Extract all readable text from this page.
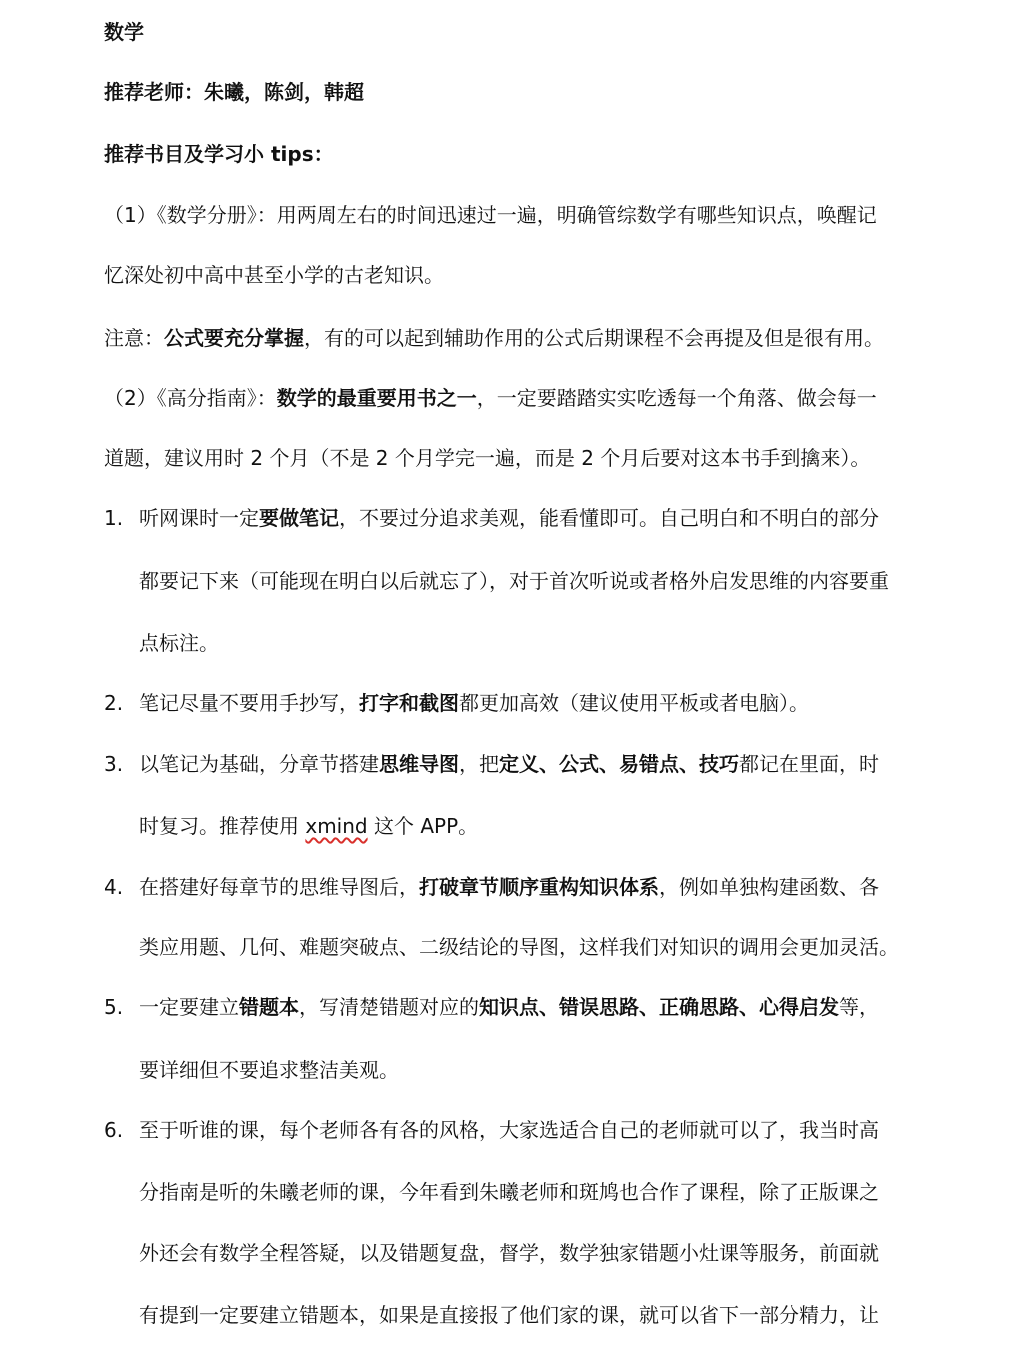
数学
推荐老师：朱曦，陈剑，韩超
推荐书目及学习小 tips：
（1）《数学分册》：用两周左右的时间迅速过一遍，明确管综数学有哪些知识点，唤醒记
忆深处初中高中甚至小学的古老知识。
注意：公式要充分掌握，有的可以起到辅助作用的公式后期课程不会再提及但是很有用。
（2）《高分指南》：数学的最重要用书之一，一定要踏踏实实吃透每一个角落、做会每一
道题，建议用时 2 个月（不是 2 个月学完一遍，而是 2 个月后要对这本书手到擒来）。
1. 听网课时一定要做笔记，不要过分追求美观，能看懂即可。自己明白和不明白的部分
都要记下来（可能现在明白以后就忘了），对于首次听说或者格外启发思维的内容要重
点标注。
2. 笔记尽量不要用手抄写，打字和截图都更加高效（建议使用平板或者电脑）。
3. 以笔记为基础，分章节搭建思维导图，把定义、公式、易错点、技巧都记在里面，时
时复习。推荐使用 xmind 这个 APP。
4. 在搭建好每章节的思维导图后，打破章节顺序重构知识体系，例如单独构建函数、各
类应用题、几何、难题突破点、二级结论的导图，这样我们对知识的调用会更加灵活。
5. 一定要建立错题本，写清楚错题对应的知识点、错误思路、正确思路、心得启发等，
要详细但不要追求整洁美观。
6. 至于听谁的课，每个老师各有各的风格，大家选适合自己的老师就可以了，我当时高
分指南是听的朱曦老师的课，今年看到朱曦老师和斑鸠也合作了课程，除了正版课之
外还会有数学全程答疑，以及错题复盘，督学，数学独家错题小灶课等服务，前面就
有提到一定要建立错题本，如果是直接报了他们家的课，就可以省下一部分精力，让
